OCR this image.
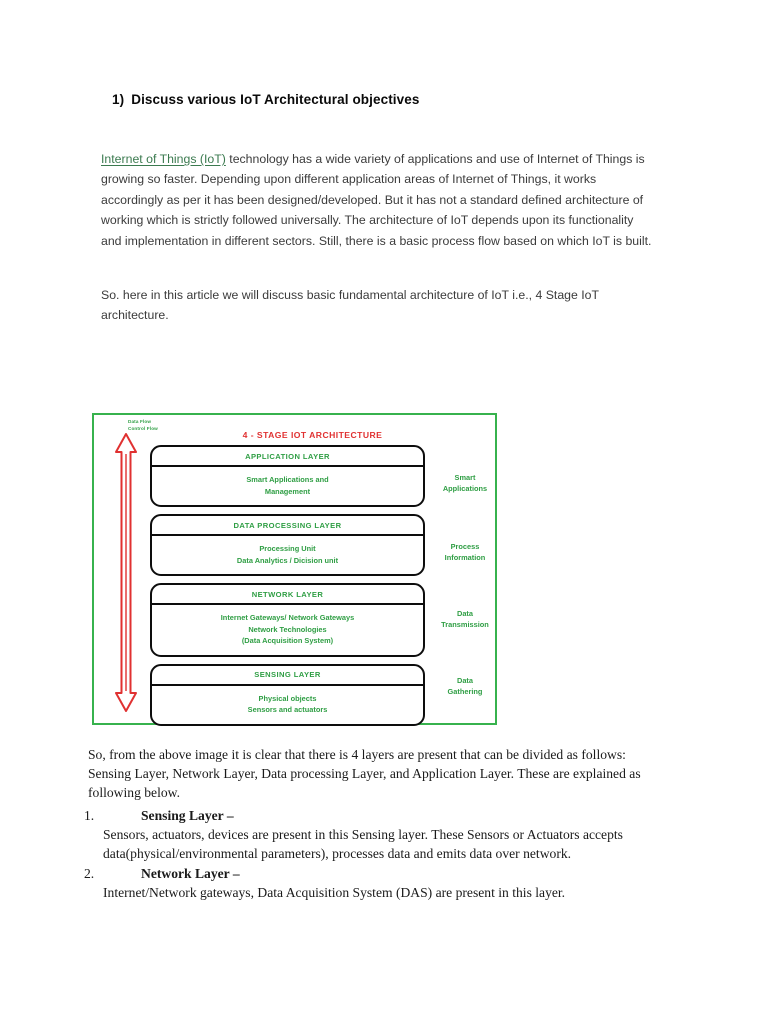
1) Discuss various IoT Architectural objectives
Internet of Things (IoT) technology has a wide variety of applications and use of Internet of Things is growing so faster. Depending upon different application areas of Internet of Things, it works accordingly as per it has been designed/developed. But it has not a standard defined architecture of working which is strictly followed universally. The architecture of IoT depends upon its functionality and implementation in different sectors. Still, there is a basic process flow based on which IoT is built.
So. here in this article we will discuss basic fundamental architecture of IoT i.e., 4 Stage IoT architecture.
4 - STAGE IOT ARCHITECTURE
Data Flow
Control Flow
APPLICATION LAYER
Smart Applications and
Management
DATA PROCESSING LAYER
Processing Unit
Data Analytics / Dicision unit
NETWORK LAYER
Internet Gateways/ Network Gateways
Network Technologies
(Data Acquisition System)
SENSING LAYER
Physical objects
Sensors and actuators
Smart
Applications
Process
Information
Data
Transmission
Data
Gathering
So, from the above image it is clear that there is 4 layers are present that can be divided as follows: Sensing Layer, Network Layer, Data processing Layer, and Application Layer. These are explained as following below.
1.	Sensing Layer –
Sensors, actuators, devices are present in this Sensing layer. These Sensors or Actuators accepts data(physical/environmental parameters), processes data and emits data over network.
2.	Network Layer –
Internet/Network gateways, Data Acquisition System (DAS) are present in this layer.
